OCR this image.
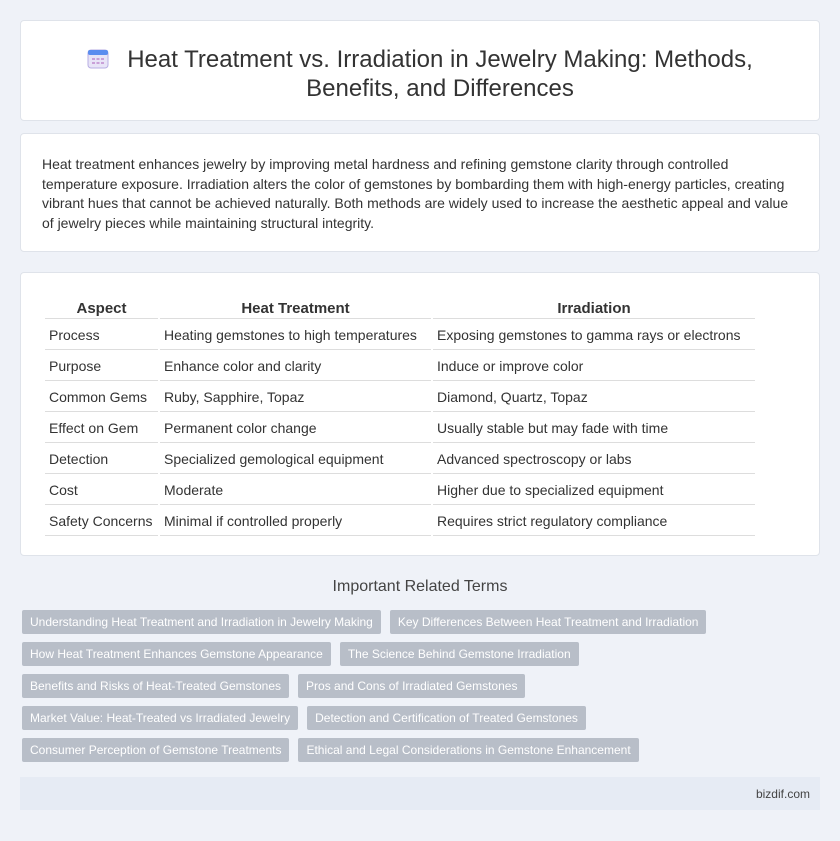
Heat Treatment vs. Irradiation in Jewelry Making: Methods, Benefits, and Differences

Heat treatment enhances jewelry by improving metal hardness and refining gemstone clarity through controlled temperature exposure. Irradiation alters the color of gemstones by bombarding them with high-energy particles, creating vibrant hues that cannot be achieved naturally. Both methods are widely used to increase the aesthetic appeal and value of jewelry pieces while maintaining structural integrity.

Aspect	Heat Treatment	Irradiation
Process	Heating gemstones to high temperatures	Exposing gemstones to gamma rays or electrons
Purpose	Enhance color and clarity	Induce or improve color
Common Gems	Ruby, Sapphire, Topaz	Diamond, Quartz, Topaz
Effect on Gem	Permanent color change	Usually stable but may fade with time
Detection	Specialized gemological equipment	Advanced spectroscopy or labs
Cost	Moderate	Higher due to specialized equipment
Safety Concerns	Minimal if controlled properly	Requires strict regulatory compliance
Important Related Terms
Understanding Heat Treatment and Irradiation in Jewelry Making	Key Differences Between Heat Treatment and Irradiation
How Heat Treatment Enhances Gemstone Appearance	The Science Behind Gemstone Irradiation
Benefits and Risks of Heat-Treated Gemstones	Pros and Cons of Irradiated Gemstones
Market Value: Heat-Treated vs Irradiated Jewelry	Detection and Certification of Treated Gemstones
Consumer Perception of Gemstone Treatments	Ethical and Legal Considerations in Gemstone Enhancement
bizdif.com
